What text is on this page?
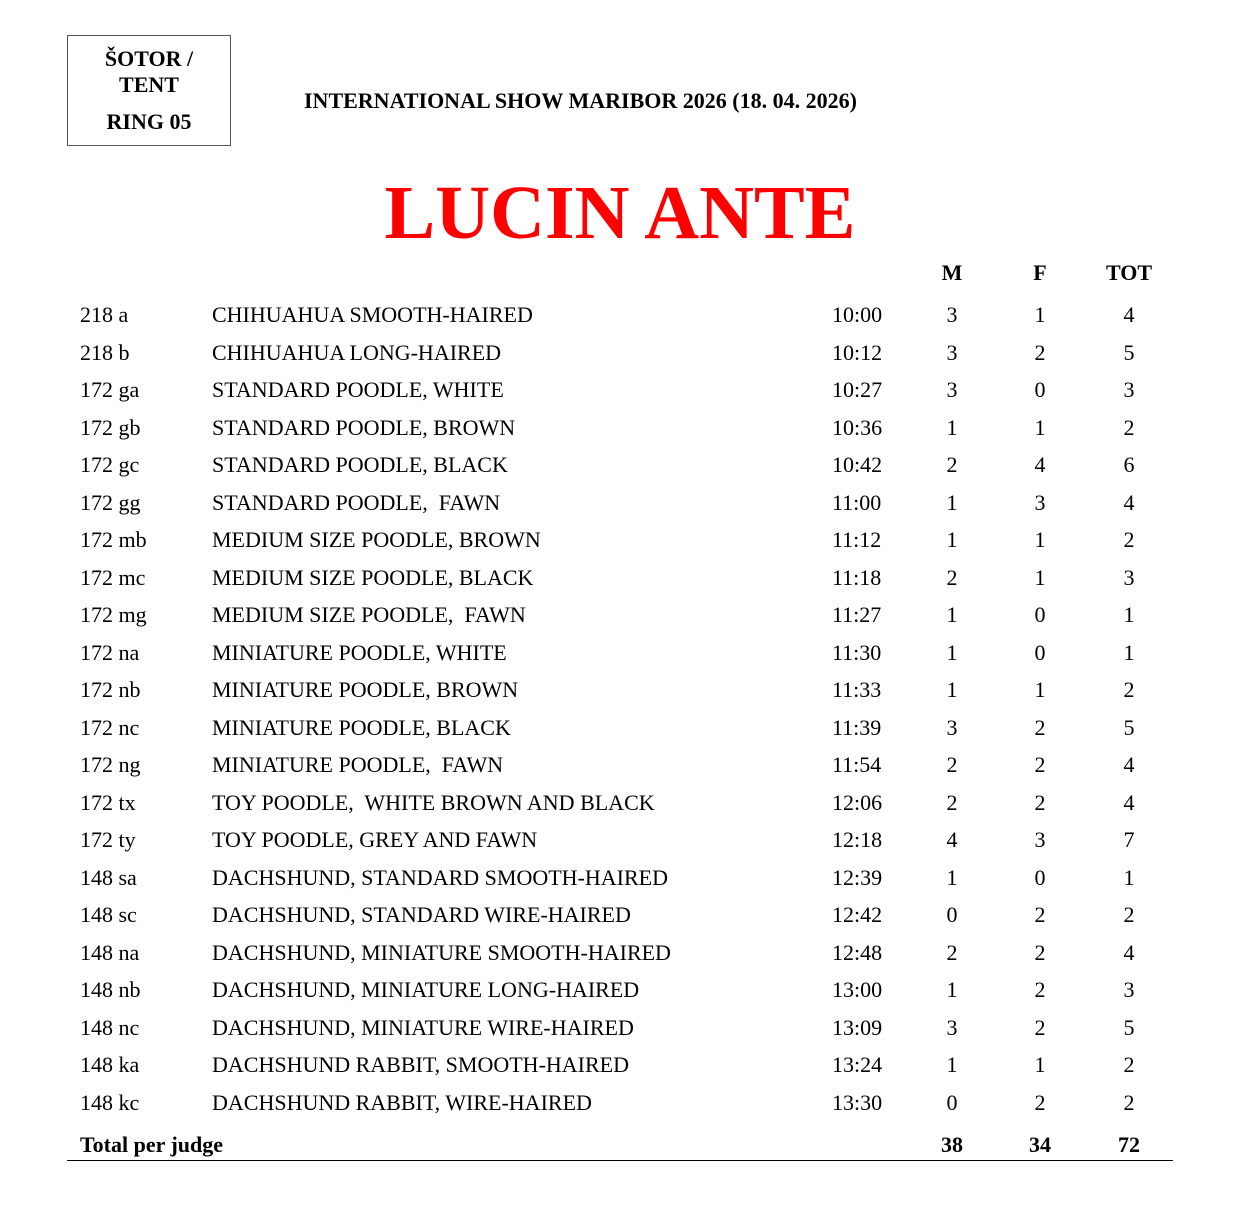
ŠOTOR /
TENT
RING 05
INTERNATIONAL SHOW MARIBOR 2026 (18. 04. 2026)
LUCIN ANTE
M	F	TOT
218 a	CHIHUAHUA SMOOTH-HAIRED	10:00	3	1	4
218 b	CHIHUAHUA LONG-HAIRED	10:12	3	2	5
172 ga	STANDARD POODLE, WHITE	10:27	3	0	3
172 gb	STANDARD POODLE, BROWN	10:36	1	1	2
172 gc	STANDARD POODLE, BLACK	10:42	2	4	6
172 gg	STANDARD POODLE,  FAWN	11:00	1	3	4
172 mb	MEDIUM SIZE POODLE, BROWN	11:12	1	1	2
172 mc	MEDIUM SIZE POODLE, BLACK	11:18	2	1	3
172 mg	MEDIUM SIZE POODLE,  FAWN	11:27	1	0	1
172 na	MINIATURE POODLE, WHITE	11:30	1	0	1
172 nb	MINIATURE POODLE, BROWN	11:33	1	1	2
172 nc	MINIATURE POODLE, BLACK	11:39	3	2	5
172 ng	MINIATURE POODLE,  FAWN	11:54	2	2	4
172 tx	TOY POODLE,  WHITE BROWN AND BLACK	12:06	2	2	4
172 ty	TOY POODLE, GREY AND FAWN	12:18	4	3	7
148 sa	DACHSHUND, STANDARD SMOOTH-HAIRED	12:39	1	0	1
148 sc	DACHSHUND, STANDARD WIRE-HAIRED	12:42	0	2	2
148 na	DACHSHUND, MINIATURE SMOOTH-HAIRED	12:48	2	2	4
148 nb	DACHSHUND, MINIATURE LONG-HAIRED	13:00	1	2	3
148 nc	DACHSHUND, MINIATURE WIRE-HAIRED	13:09	3	2	5
148 ka	DACHSHUND RABBIT, SMOOTH-HAIRED	13:24	1	1	2
148 kc	DACHSHUND RABBIT, WIRE-HAIRED	13:30	0	2	2
Total per judge	38	34	72
